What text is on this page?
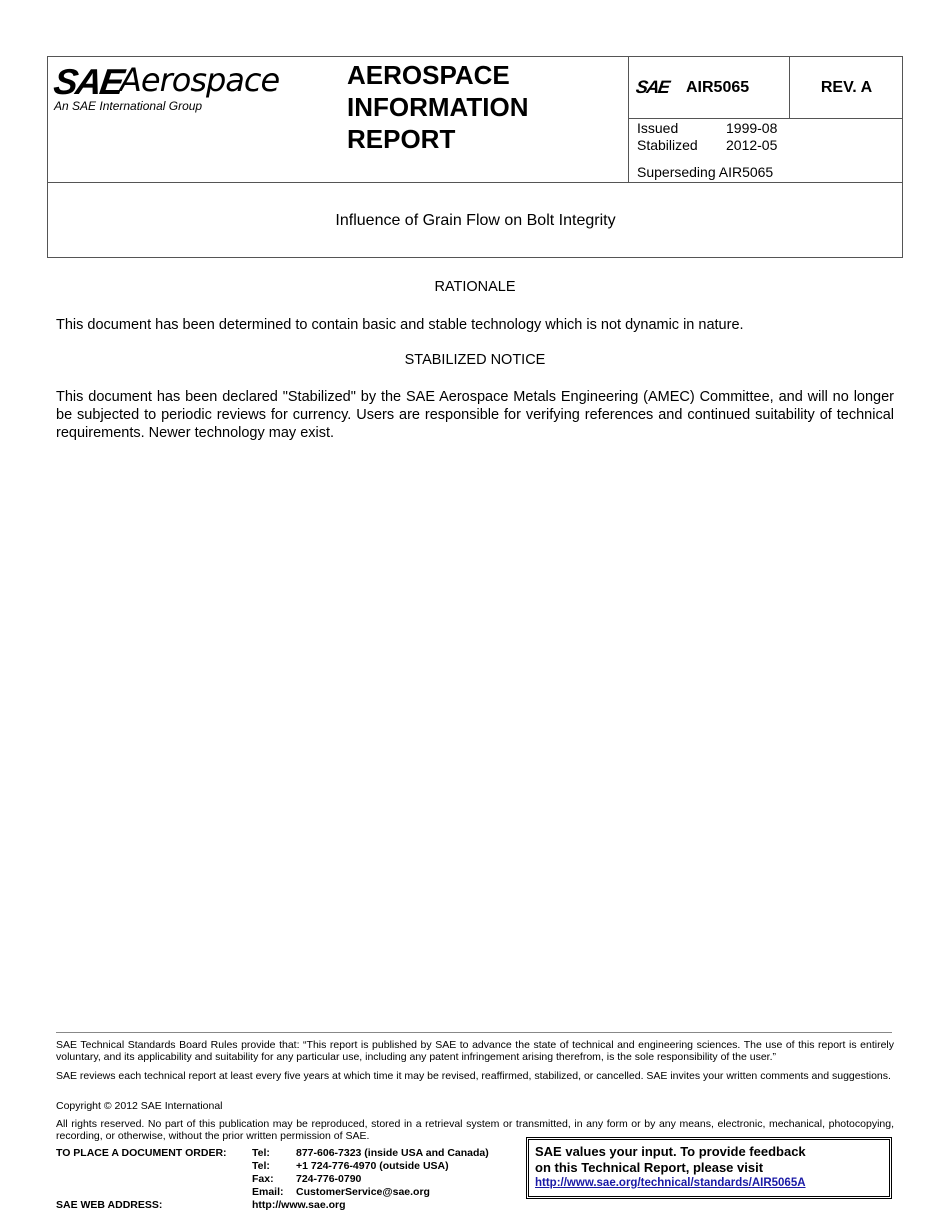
SAE
Aerospace
An SAE International Group
AEROSPACE
INFORMATION
REPORT
SAE AIR5065	REV. A
Issued	1999-08
Stabilized	2012-05
Superseding AIR5065
Influence of Grain Flow on Bolt Integrity
RATIONALE
This document has been determined to contain basic and stable technology which is not dynamic in nature.
STABILIZED NOTICE
This document has been declared "Stabilized" by the SAE Aerospace Metals Engineering (AMEC) Committee, and will no longer be subjected to periodic reviews for currency. Users are responsible for verifying references and continued suitability of technical requirements. Newer technology may exist.
SAE Technical Standards Board Rules provide that: “This report is published by SAE to advance the state of technical and engineering sciences. The use of this report is entirely voluntary, and its applicability and suitability for any particular use, including any patent infringement arising therefrom, is the sole responsibility of the user.”
SAE reviews each technical report at least every five years at which time it may be revised, reaffirmed, stabilized, or cancelled. SAE invites your written comments and suggestions.
Copyright © 2012 SAE International
All rights reserved. No part of this publication may be reproduced, stored in a retrieval system or transmitted, in any form or by any means, electronic, mechanical, photocopying, recording, or otherwise, without the prior written permission of SAE.
TO PLACE A DOCUMENT ORDER: Tel: 877-606-7323 (inside USA and Canada)
Tel: +1 724-776-4970 (outside USA)
Fax: 724-776-0790
Email: CustomerService@sae.org
SAE WEB ADDRESS:	http://www.sae.org
SAE values your input. To provide feedback
on this Technical Report, please visit
http://www.sae.org/technical/standards/AIR5065A
